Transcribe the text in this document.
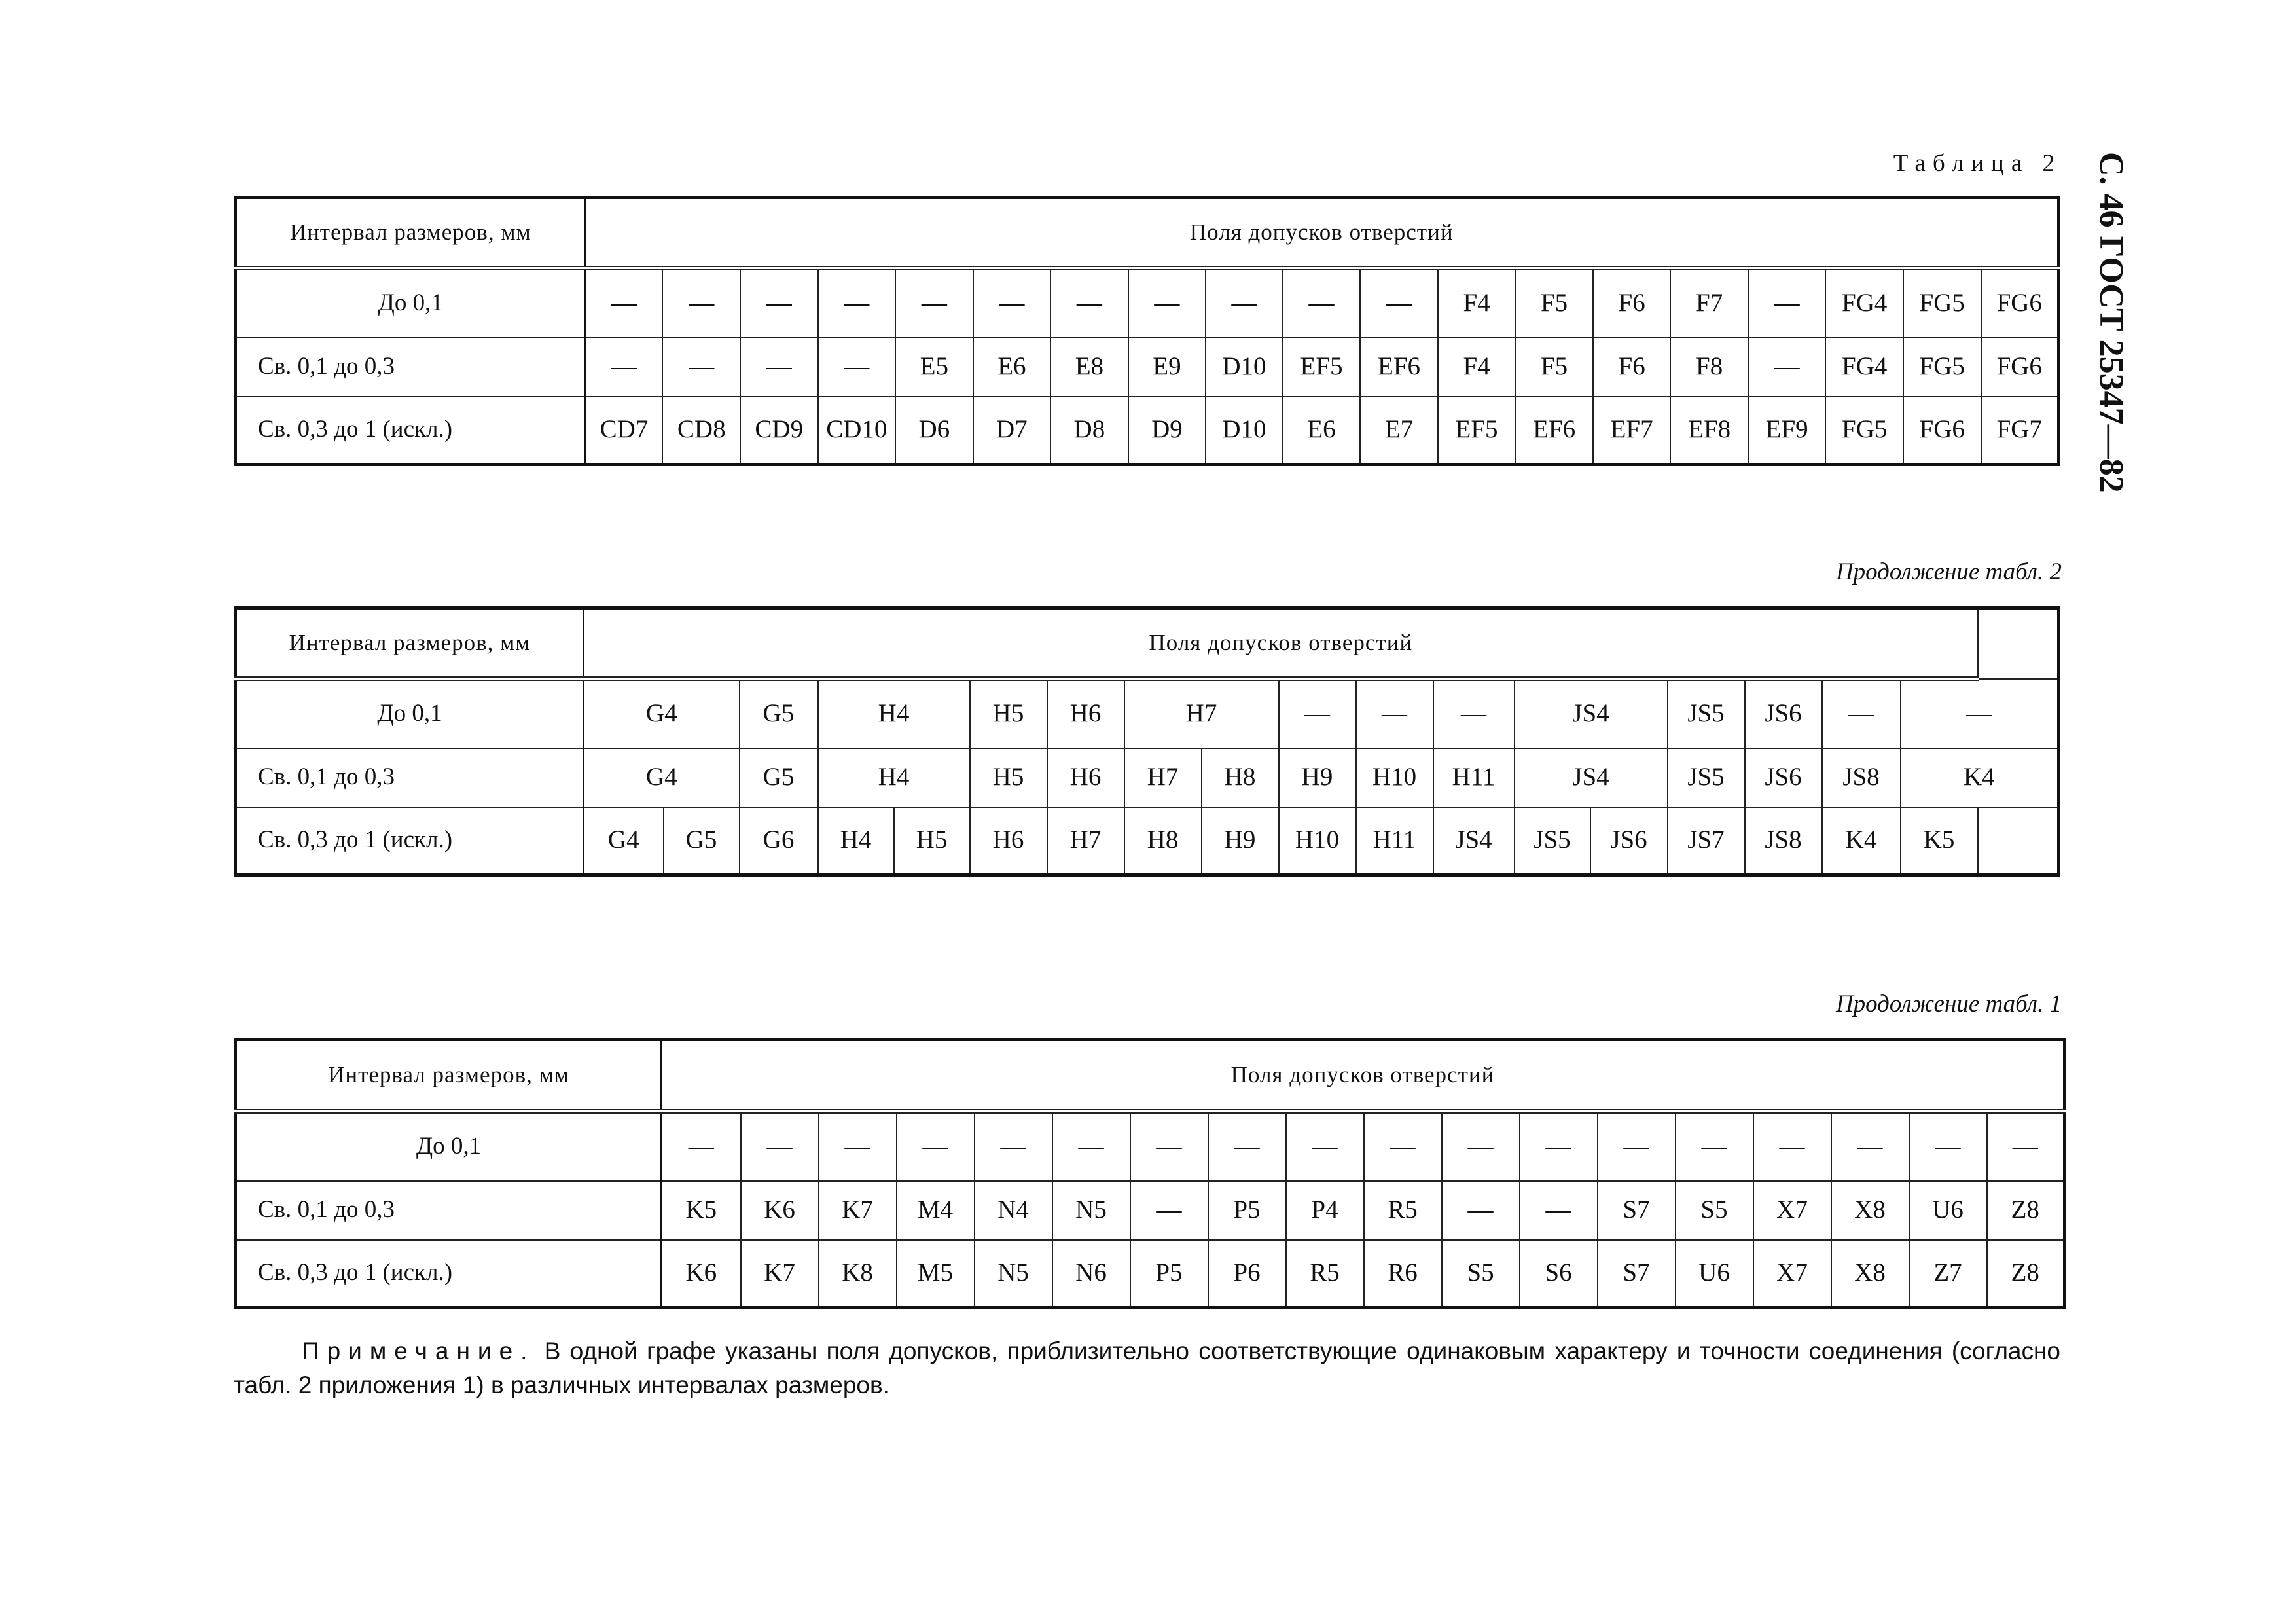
С. 46 ГОСТ 25347—82
Таблица 2
Интервал размеров, мм	Поля допусков отверстий																		
До 0,1	—	—	—	—	—	—	—	—	—	—	—	F4	F5	F6	F7	—	FG4	FG5	FG6
Св. 0,1 до 0,3	—	—	—	—	E5	E6	E8	E9	D10	EF5	EF6	F4	F5	F6	F8	—	FG4	FG5	FG6
Св. 0,3 до 1 (искл.)	CD7	CD8	CD9	CD10	D6	D7	D8	D9	D10	E6	E7	EF5	EF6	EF7	EF8	EF9	FG5	FG6	FG7
Продолжение табл. 2
Интервал размеров, мм	Поля допусков отверстий																	
До 0,1	G4		G5	H4		H5	H6	H7		—	—	—	JS4		JS5	JS6	—	—
Св. 0,1 до 0,3	G4		G5	H4		H5	H6	H7	H8	H9	H10	H11	JS4		JS5	JS6	JS8	K4
Св. 0,3 до 1 (искл.)	G4	G5	G6	H4	H5	H6	H7	H8	H9	H10	H11	JS4	JS5	JS6	JS7	JS8	K4	K5
Продолжение табл. 1
Интервал размеров, мм	Поля допусков отверстий																	
До 0,1	—	—	—	—	—	—	—	—	—	—	—	—	—	—	—	—	—	—
Св. 0,1 до 0,3	K5	K6	K7	M4	N4	N5	—	P5	P4	R5	—	—	S7	S5	X7	X8	U6	Z8
Св. 0,3 до 1 (искл.)	K6	K7	K8	M5	N5	N6	P5	P6	R5	R6	S5	S6	S7	U6	X7	X8	Z7	Z8
Примечание. В одной графе указаны поля допусков, приблизительно соответствующие одинаковым характеру и точности соединения (согласно табл. 2 приложения 1) в различных интервалах размеров.
